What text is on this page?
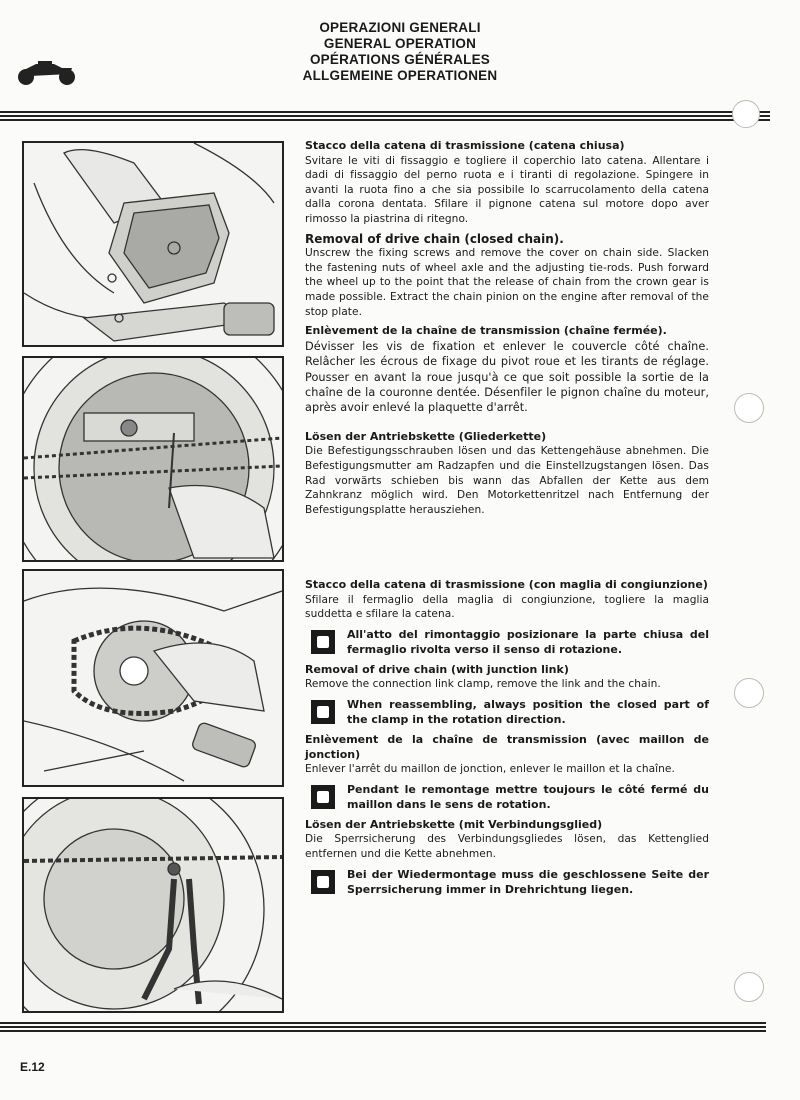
OPERAZIONI GENERALI
GENERAL OPERATION
OPÉRATIONS GÉNÉRALES
ALLGEMEINE OPERATIONEN
Stacco della catena di trasmissione (catena chiusa)

Svitare le viti di fissaggio e togliere il coperchio lato catena. Allentare i dadi di fissaggio del perno ruota e i tiranti di regolazione. Spingere in avanti la ruota fino a che sia possibile lo scarrucolamento della catena dalla corona dentata. Sfilare il pignone catena sul motore dopo aver rimosso la piastrina di ritegno.

Removal of drive chain (closed chain).

Unscrew the fixing screws and remove the cover on chain side. Slacken the fastening nuts of wheel axle and the adjusting tie-rods. Push forward the wheel up to the point that the release of chain from the crown gear is made possible. Extract the chain pinion on the engine after removal of the stop plate.

Enlèvement de la chaîne de transmission (chaîne fermée).

Dévisser les vis de fixation et enlever le couvercle côté chaîne. Relâcher les écrous de fixage du pivot roue et les tirants de réglage. Pousser en avant la roue jusqu'à ce que soit possible la sortie de la chaîne de la couronne dentée. Désenfiler le pignon chaîne du moteur, après avoir enlevé la plaquette d'arrêt.

Lösen der Antriebskette (Gliederkette)

Die Befestigungsschrauben lösen und das Kettengehäuse abnehmen. Die Befestigungsmutter am Radzapfen und die Einstellzugstangen lösen. Das Rad vorwärts schieben bis wann das Abfallen der Kette aus dem Zahnkranz möglich wird. Den Motorkettenritzel nach Entfernung der Befestigungsplatte herausziehen.

Stacco della catena di trasmissione (con maglia di congiunzione)

Sfilare il fermaglio della maglia di congiunzione, togliere la maglia suddetta e sfilare la catena.

All'atto del rimontaggio posizionare la parte chiusa del fermaglio rivolta verso il senso di rotazione.
Removal of drive chain (with junction link)

Remove the connection link clamp, remove the link and the chain.

When reassembling, always position the closed part of the clamp in the rotation direction.
Enlèvement de la chaîne de transmission (avec maillon de jonction)

Enlever l'arrêt du maillon de jonction, enlever le maillon et la chaîne.

Pendant le remontage mettre toujours le côté fermé du maillon dans le sens de rotation.
Lösen der Antriebskette (mit Verbindungsglied)

Die Sperrsicherung des Verbindungsgliedes lösen, das Kettenglied entfernen und die Kette abnehmen.

Bei der Wiedermontage muss die geschlossene Seite der Sperrsicherung immer in Drehrichtung liegen.
E.12
